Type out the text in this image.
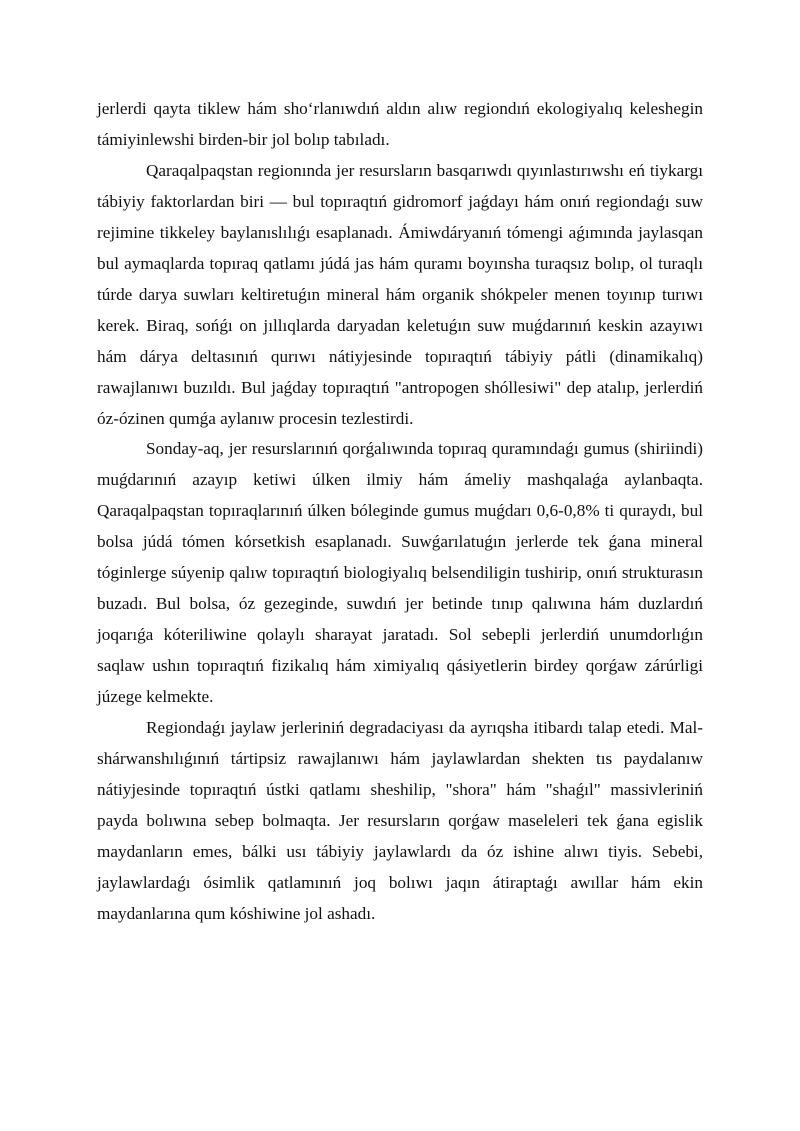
jerlerdi qayta tiklew hám sho‘rlanıwdıń aldın alıw regiondıń ekologiyalıq keleshegin támiyinlewshi birden-bir jol bolıp tabıladı.

Qaraqalpaqstan regionında jer resursların basqarıwdı qıyınlastırıwshı eń tiykargı tábiyiy faktorlardan biri — bul topıraqtıń gidromorf jaǵdayı hám onıń regiondaǵı suw rejimine tikkeley baylanıslılıǵı esaplanadı. Ámiwdáryanıń tómengi aǵımında jaylasqan bul aymaqlarda topıraq qatlamı júdá jas hám quramı boyınsha turaqsız bolıp, ol turaqlı túrde darya suwları keltiretuǵın mineral hám organik shókpeler menen toyınıp turıwı kerek. Biraq, sońǵı on jıllıqlarda daryadan keletuǵın suw muǵdarınıń keskin azayıwı hám dárya deltasınıń qurıwı nátiyjesinde topıraqtıń tábiyiy pátli (dinamikalıq) rawajlanıwı buzıldı. Bul jaǵday topıraqtıń "antropogen shóllesiwi" dep atalıp, jerlerdiń óz-ózinen qumǵa aylanıw procesin tezlestirdi.

Sonday-aq, jer resurslarınıń qorǵalıwında topıraq quramındaǵı gumus (shiriindi) muǵdarınıń azayıp ketiwi úlken ilmiy hám ámeliy mashqalaǵa aylanbaqta. Qaraqalpaqstan topıraqlarınıń úlken bóleginde gumus muǵdarı 0,6-0,8% ti quraydı, bul bolsa júdá tómen kórsetkish esaplanadı. Suwǵarılatuǵın jerlerde tek ǵana mineral tóginlerge súyenip qalıw topıraqtıń biologiyalıq belsendiligin tushirip, onıń strukturasın buzadı. Bul bolsa, óz gezeginde, suwdıń jer betinde tınıp qalıwına hám duzlardıń joqarıǵa kóteriliwine qolaylı sharayat jaratadı. Sol sebepli jerlerdiń unumdorlıǵın saqlaw ushın topıraqtıń fizikalıq hám ximiyalıq qásiyetlerin birdey qorǵaw zárúrligi júzege kelmekte.

Regiondaǵı jaylaw jerleriniń degradaciyası da ayrıqsha itibardı talap etedi. Mal-shárwanshılıǵınıń tártipsiz rawajlanıwı hám jaylawlardan shekten tıs paydalanıw nátiyjesinde topıraqtıń ústki qatlamı sheshilip, "shora" hám "shaǵıl" massivleriniń payda bolıwına sebep bolmaqta. Jer resursların qorǵaw maseleleri tek ǵana egislik maydanların emes, bálki usı tábiyiy jaylawlardı da óz ishine alıwı tiyis. Sebebi, jaylawlardaǵı ósimlik qatlamınıń joq bolıwı jaqın átiraptaǵı awıllar hám ekin maydanlarına qum kóshiwine jol ashadı.
